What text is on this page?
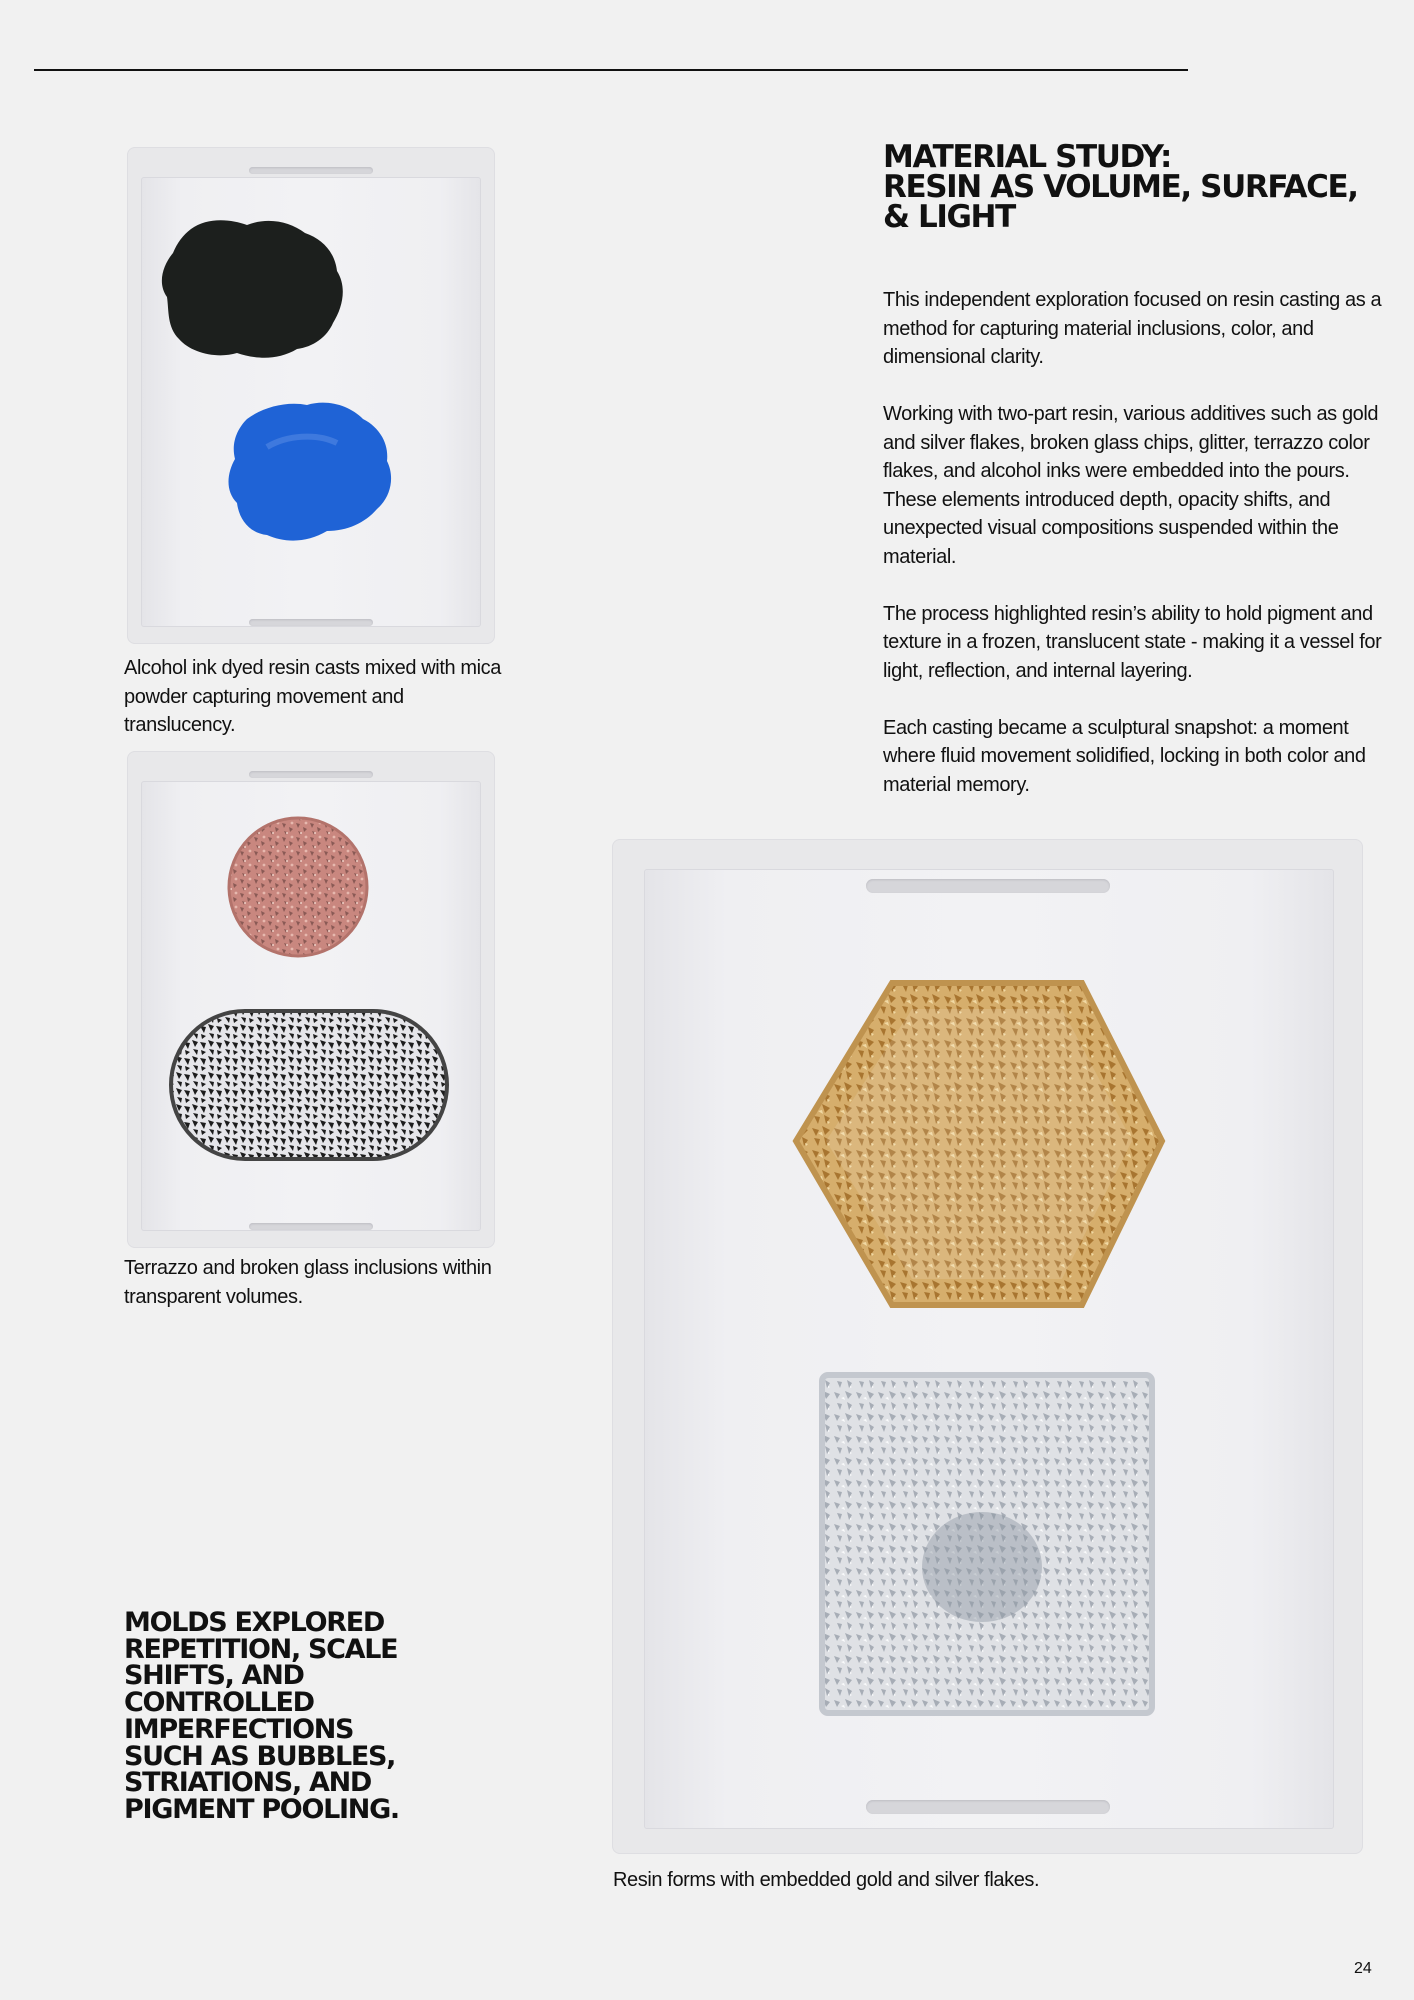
Alcohol ink dyed resin casts mixed with mica powder capturing movement and translucency.
Terrazzo and broken glass inclusions within transparent volumes.
Resin forms with embedded gold and silver flakes.
MATERIAL STUDY:
RESIN AS VOLUME, SURFACE,
& LIGHT

This independent exploration focused on resin casting as a method for capturing material inclusions, color, and dimensional clarity.

Working with two-part resin, various additives such as gold and silver flakes, broken glass chips, glitter, terrazzo color flakes, and alcohol inks were embedded into the pours. These elements introduced depth, opacity shifts, and unexpected visual compositions suspended within the material.

The process highlighted resin’s ability to hold pigment and texture in a frozen, translucent state - making it a vessel for light, reflection, and internal layering.

Each casting became a sculptural snapshot: a moment where fluid movement solidified, locking in both color and material memory.

MOLDS EXPLORED
REPETITION, SCALE
SHIFTS, AND
CONTROLLED
IMPERFECTIONS
SUCH AS BUBBLES,
STRIATIONS, AND
PIGMENT POOLING.
24
